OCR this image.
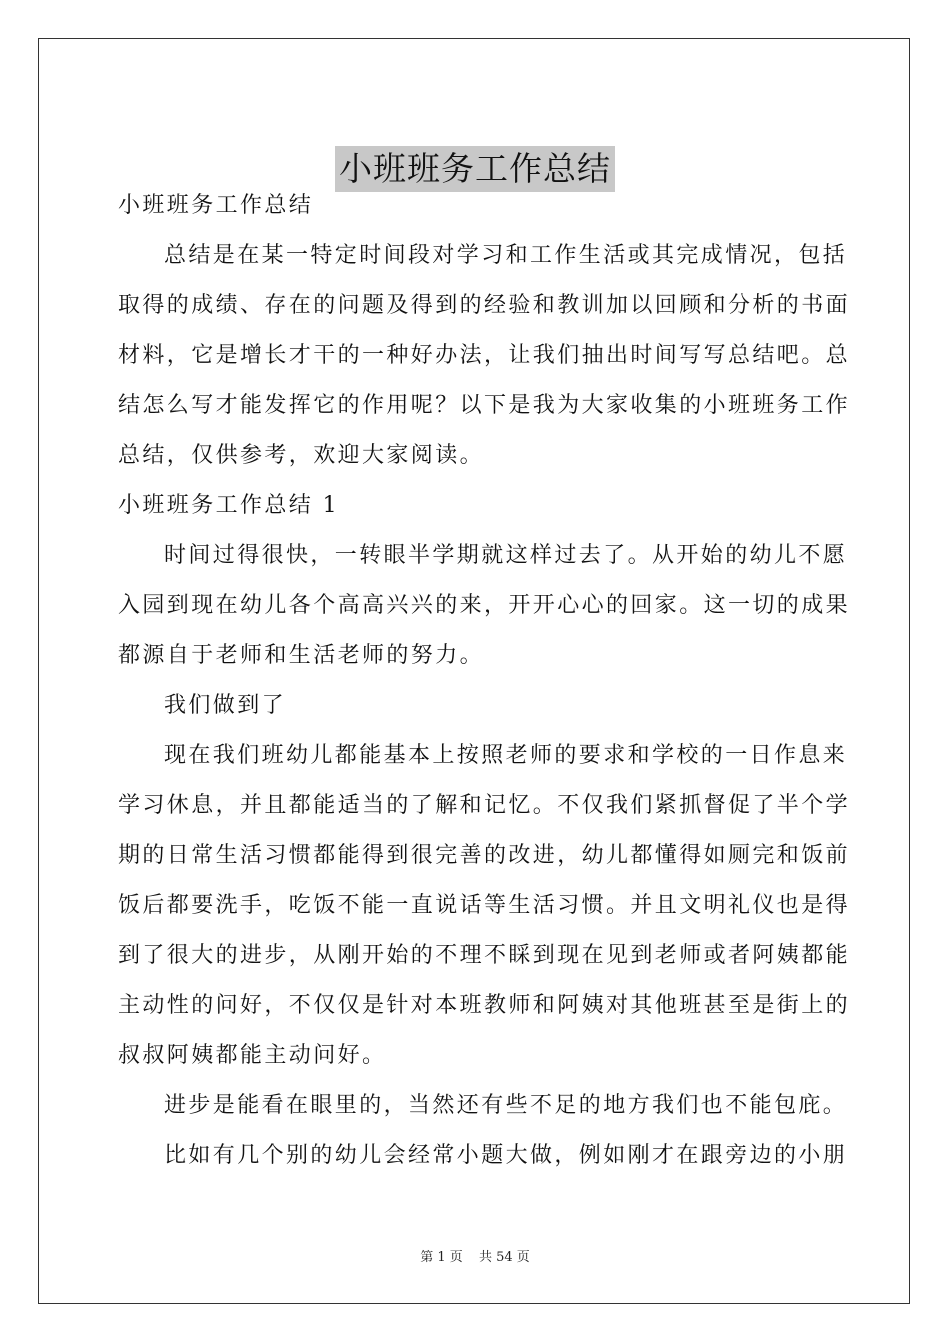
小班班务工作总结

小班班务工作总结

总结是在某一特定时间段对学习和工作生活或其完成情况，包括

取得的成绩、存在的问题及得到的经验和教训加以回顾和分析的书面

材料，它是增长才干的一种好办法，让我们抽出时间写写总结吧。总

结怎么写才能发挥它的作用呢？以下是我为大家收集的小班班务工作

总结，仅供参考，欢迎大家阅读。

小班班务工作总结 1

时间过得很快，一转眼半学期就这样过去了。从开始的幼儿不愿

入园到现在幼儿各个高高兴兴的来，开开心心的回家。这一切的成果

都源自于老师和生活老师的努力。

我们做到了

现在我们班幼儿都能基本上按照老师的要求和学校的一日作息来

学习休息，并且都能适当的了解和记忆。不仅我们紧抓督促了半个学

期的日常生活习惯都能得到很完善的改进，幼儿都懂得如厕完和饭前

饭后都要洗手，吃饭不能一直说话等生活习惯。并且文明礼仪也是得

到了很大的进步，从刚开始的不理不睬到现在见到老师或者阿姨都能

主动性的问好，不仅仅是针对本班教师和阿姨对其他班甚至是街上的

叔叔阿姨都能主动问好。

进步是能看在眼里的，当然还有些不足的地方我们也不能包庇。

比如有几个别的幼儿会经常小题大做，例如刚才在跟旁边的小朋

第 1 页 共 54 页
